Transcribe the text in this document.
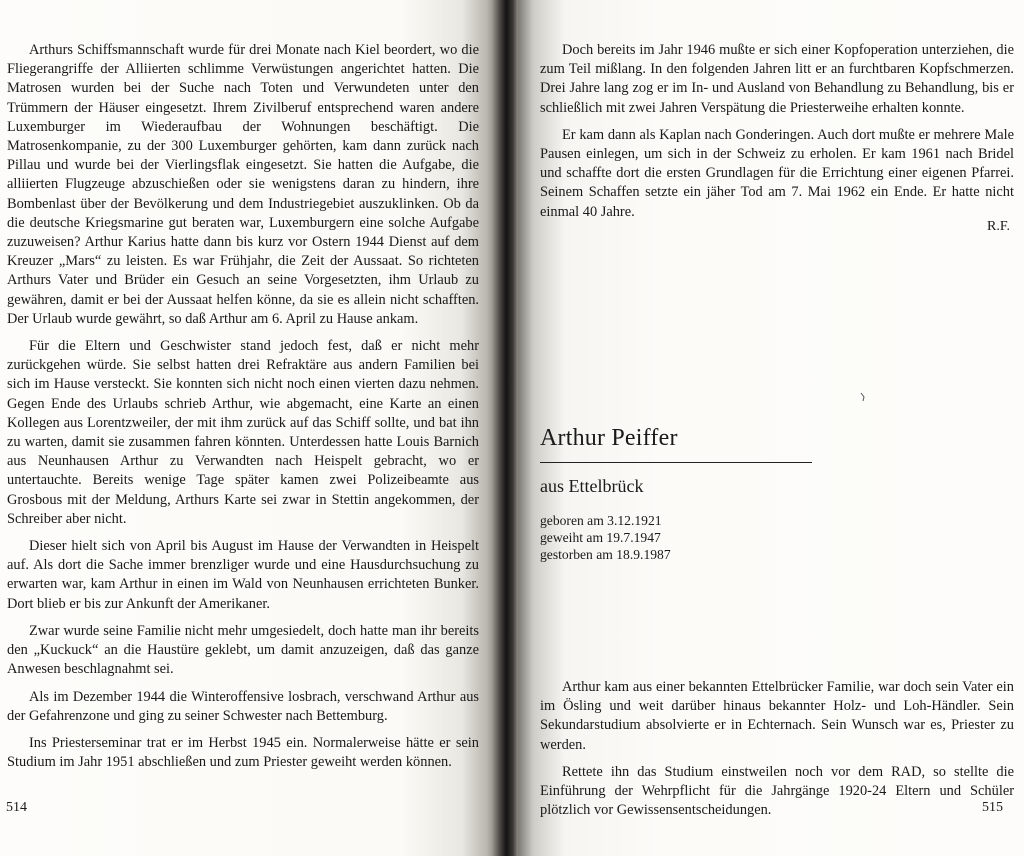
Arthurs Schiffsmannschaft wurde für drei Monate nach Kiel beordert, wo die Fliegerangriffe der Alliierten schlimme Verwüstungen angerichtet hatten. Die Matrosen wurden bei der Suche nach Toten und Verwundeten unter den Trümmern der Häuser eingesetzt. Ihrem Zivilberuf entsprechend waren andere Luxemburger im Wiederaufbau der Wohnungen beschäftigt. Die Matrosenkompanie, zu der 300 Luxemburger gehörten, kam dann zurück nach Pillau und wurde bei der Vierlingsflak eingesetzt. Sie hatten die Aufgabe, die alliierten Flugzeuge abzuschießen oder sie wenigstens daran zu hindern, ihre Bombenlast über der Bevölkerung und dem Industriegebiet auszuklinken. Ob da die deutsche Kriegsmarine gut beraten war, Luxemburgern eine solche Aufgabe zuzuweisen? Arthur Karius hatte dann bis kurz vor Ostern 1944 Dienst auf dem Kreuzer „Mars“ zu leisten. Es war Frühjahr, die Zeit der Aussaat. So richteten Arthurs Vater und Brüder ein Gesuch an seine Vorgesetzten, ihm Urlaub zu gewähren, damit er bei der Aussaat helfen könne, da sie es allein nicht schafften. Der Urlaub wurde gewährt, so daß Arthur am 6. April zu Hause ankam.

Für die Eltern und Geschwister stand jedoch fest, daß er nicht mehr zurückgehen würde. Sie selbst hatten drei Refraktäre aus andern Familien bei sich im Hause versteckt. Sie konnten sich nicht noch einen vierten dazu nehmen. Gegen Ende des Urlaubs schrieb Arthur, wie abgemacht, eine Karte an einen Kollegen aus Lorentzweiler, der mit ihm zurück auf das Schiff sollte, und bat ihn zu warten, damit sie zusammen fahren könnten. Unterdessen hatte Louis Barnich aus Neunhausen Arthur zu Verwandten nach Heispelt gebracht, wo er untertauchte. Bereits wenige Tage später kamen zwei Polizeibeamte aus Grosbous mit der Meldung, Arthurs Karte sei zwar in Stettin angekommen, der Schreiber aber nicht.

Dieser hielt sich von April bis August im Hause der Verwandten in Heispelt auf. Als dort die Sache immer brenzliger wurde und eine Hausdurchsuchung zu erwarten war, kam Arthur in einen im Wald von Neunhausen errichteten Bunker. Dort blieb er bis zur Ankunft der Amerikaner.

Zwar wurde seine Familie nicht mehr umgesiedelt, doch hatte man ihr bereits den „Kuckuck“ an die Haustüre geklebt, um damit anzuzeigen, daß das ganze Anwesen beschlagnahmt sei.

Als im Dezember 1944 die Winteroffensive losbrach, verschwand Arthur aus der Gefahrenzone und ging zu seiner Schwester nach Bettemburg.

Ins Priesterseminar trat er im Herbst 1945 ein. Normalerweise hätte er sein Studium im Jahr 1951 abschließen und zum Priester geweiht werden können.

514

Doch bereits im Jahr 1946 mußte er sich einer Kopfoperation unterziehen, die zum Teil mißlang. In den folgenden Jahren litt er an furchtbaren Kopfschmerzen. Drei Jahre lang zog er im In- und Ausland von Behandlung zu Behandlung, bis er schließlich mit zwei Jahren Verspätung die Priesterweihe erhalten konnte.

Er kam dann als Kaplan nach Gonderingen. Auch dort mußte er mehrere Male Pausen einlegen, um sich in der Schweiz zu erholen. Er kam 1961 nach Bridel und schaffte dort die ersten Grundlagen für die Errichtung einer eigenen Pfarrei. Seinem Schaffen setzte ein jäher Tod am 7. Mai 1962 ein Ende. Er hatte nicht einmal 40 Jahre.

R.F.
Arthur Peiffer
aus Ettelbrück
geboren am 3.12.1921
geweiht am 19.7.1947
gestorben am 18.9.1987

Arthur kam aus einer bekannten Ettelbrücker Familie, war doch sein Vater ein im Ösling und weit darüber hinaus bekannter Holz- und Loh-Händler. Sein Sekundarstudium absolvierte er in Echternach. Sein Wunsch war es, Priester zu werden.

Rettete ihn das Studium einstweilen noch vor dem RAD, so stellte die Einführung der Wehrpflicht für die Jahrgänge 1920-24 Eltern und Schüler plötzlich vor Gewissensentscheidungen.	515
